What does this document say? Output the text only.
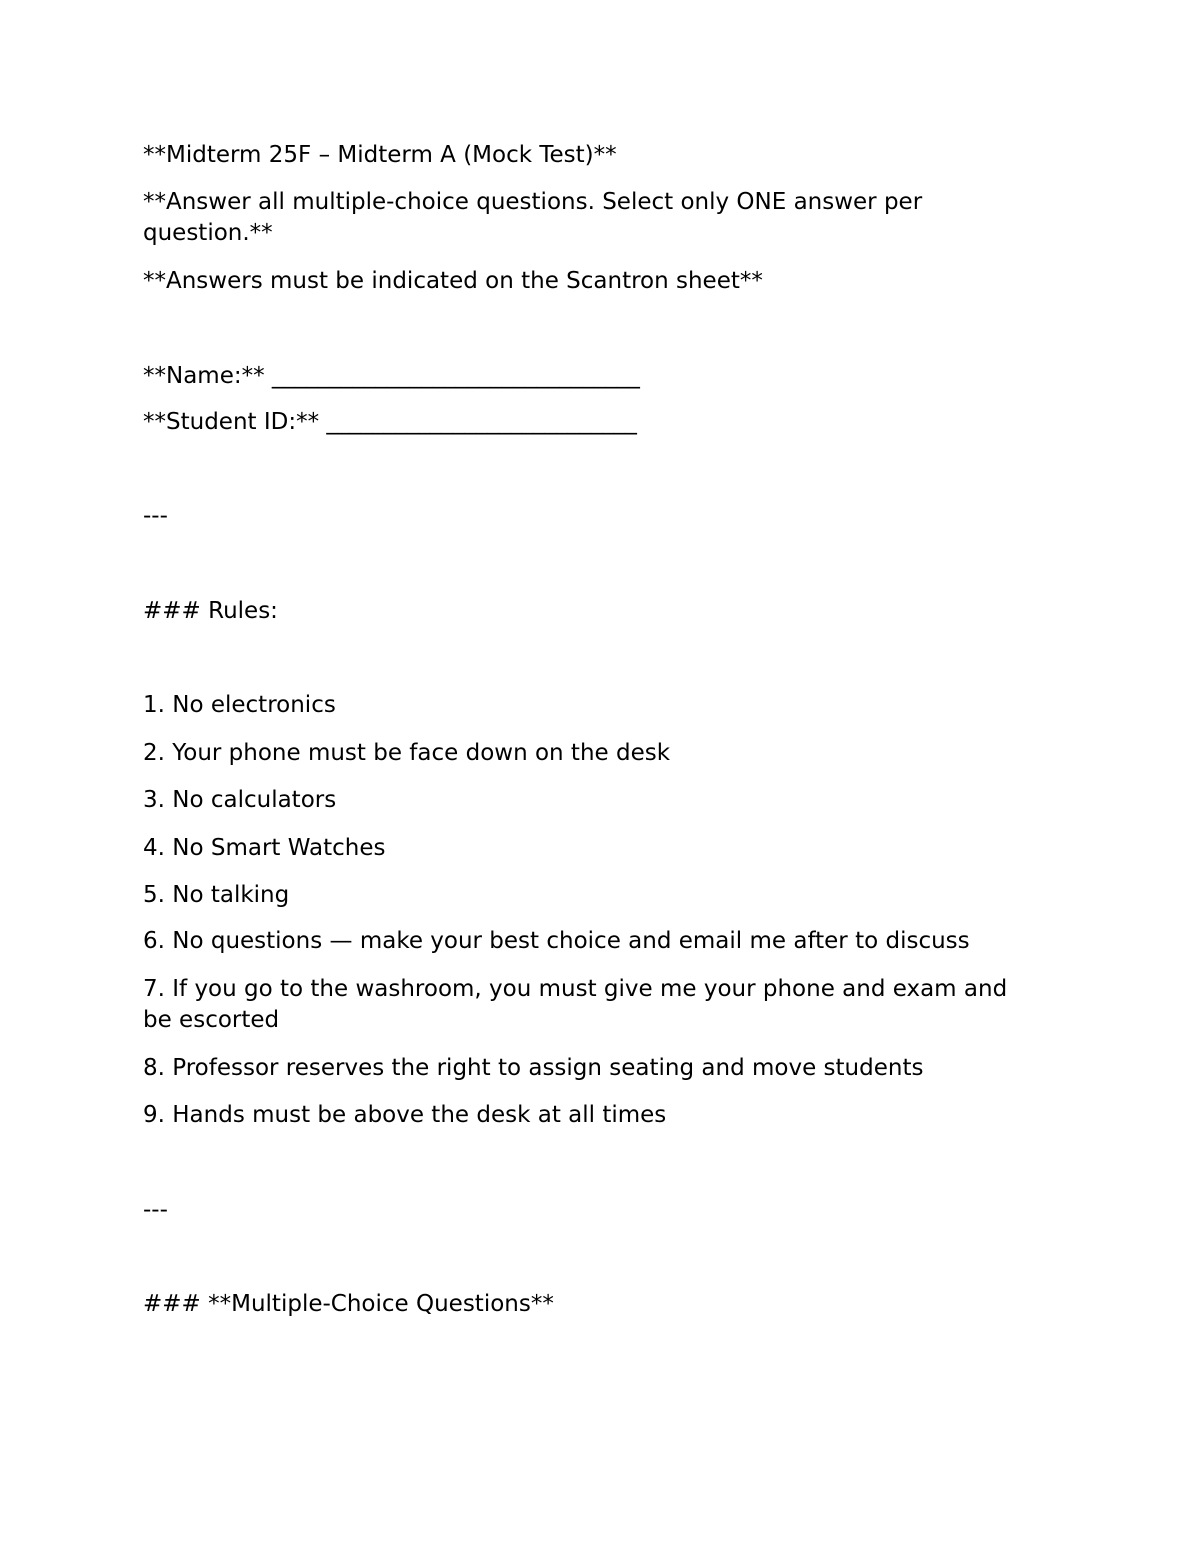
**Midterm 25F – Midterm A (Mock Test)**
**Answer all multiple-choice questions. Select only ONE answer per question.**
**Answers must be indicated on the Scantron sheet**
**Name:** ________________________________
**Student ID:** ___________________________
---
### Rules:
1. No electronics
2. Your phone must be face down on the desk
3. No calculators
4. No Smart Watches
5. No talking
6. No questions — make your best choice and email me after to discuss
7. If you go to the washroom, you must give me your phone and exam and be escorted
8. Professor reserves the right to assign seating and move students
9. Hands must be above the desk at all times
---
### **Multiple-Choice Questions**
